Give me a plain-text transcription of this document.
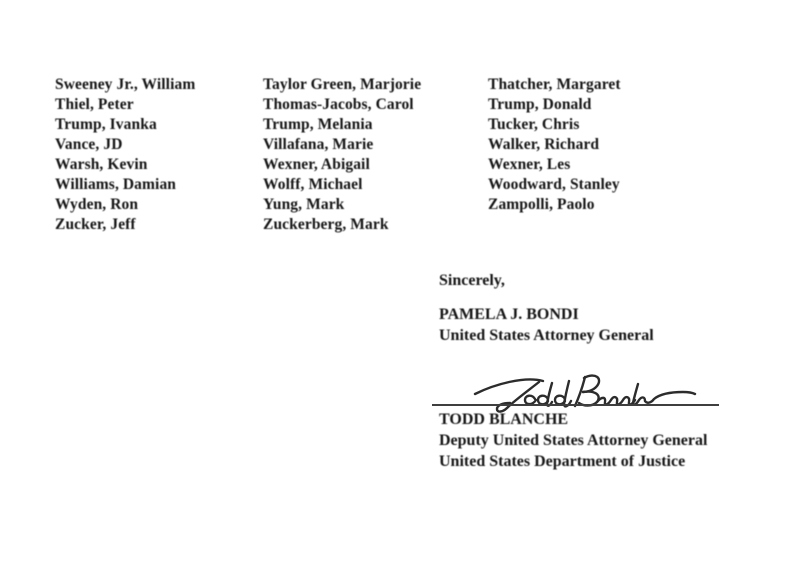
Sweeney Jr., William
Thiel, Peter
Trump, Ivanka
Vance, JD
Warsh, Kevin
Williams, Damian
Wyden, Ron
Zucker, Jeff
Taylor Green, Marjorie
Thomas-Jacobs, Carol
Trump, Melania
Villafana, Marie
Wexner, Abigail
Wolff, Michael
Yung, Mark
Zuckerberg, Mark
Thatcher, Margaret
Trump, Donald
Tucker, Chris
Walker, Richard
Wexner, Les
Woodward, Stanley
Zampolli, Paolo
Sincerely,
PAMELA J. BONDI
United States Attorney General
TODD BLANCHE
Deputy United States Attorney General
United States Department of Justice
